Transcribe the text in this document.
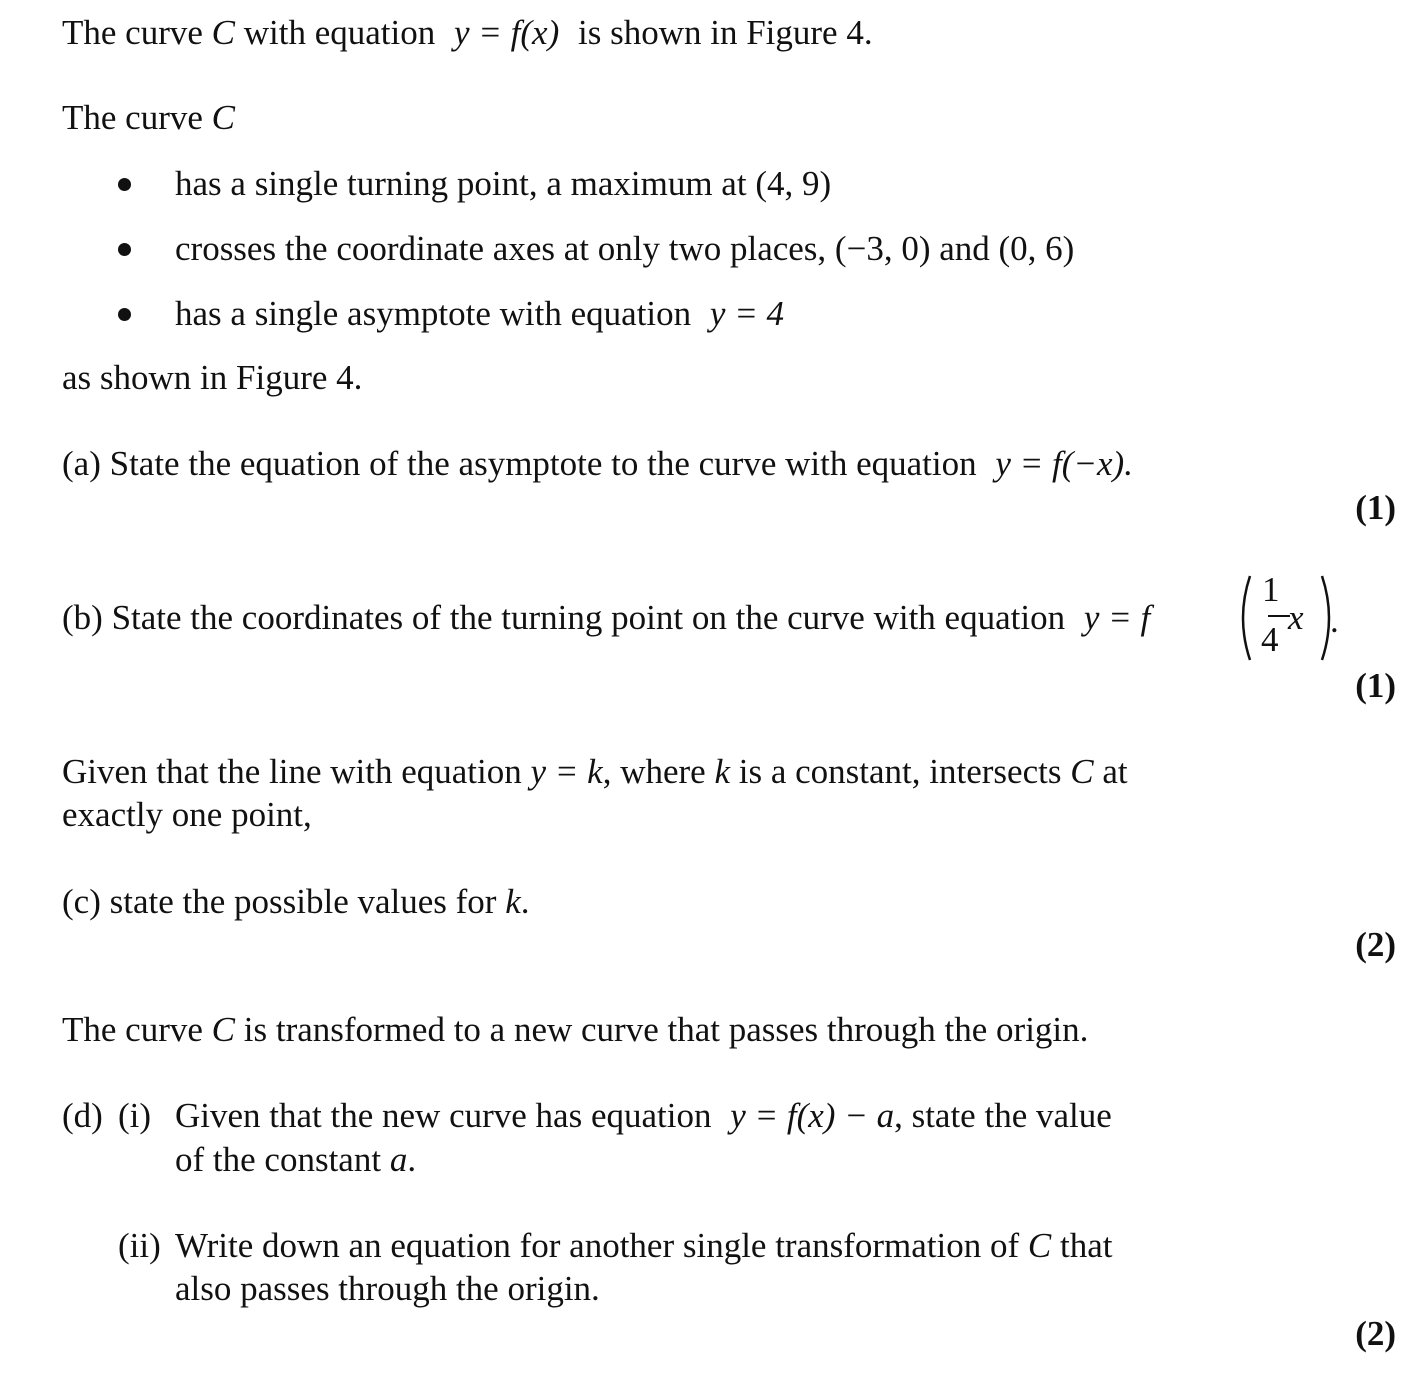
The curve C with equation y = f(x) is shown in Figure 4.
The curve C
has a single turning point, a maximum at (4, 9)
crosses the coordinate axes at only two places, (−3, 0) and (0, 6)
has a single asymptote with equation y = 4
as shown in Figure 4.
(a) State the equation of the asymptote to the curve with equation y = f(−x).
(1)
(b) State the coordinates of the turning point on the curve with equation y = f
1
4
x .
(1)
Given that the line with equation y = k, where k is a constant, intersects C at
exactly one point,
(c) state the possible values for k.
(2)
The curve C is transformed to a new curve that passes through the origin.
(d) (i) Given that the new curve has equation y = f(x) − a, state the value
of the constant a.
(ii) Write down an equation for another single transformation of C that
also passes through the origin.
(2)
